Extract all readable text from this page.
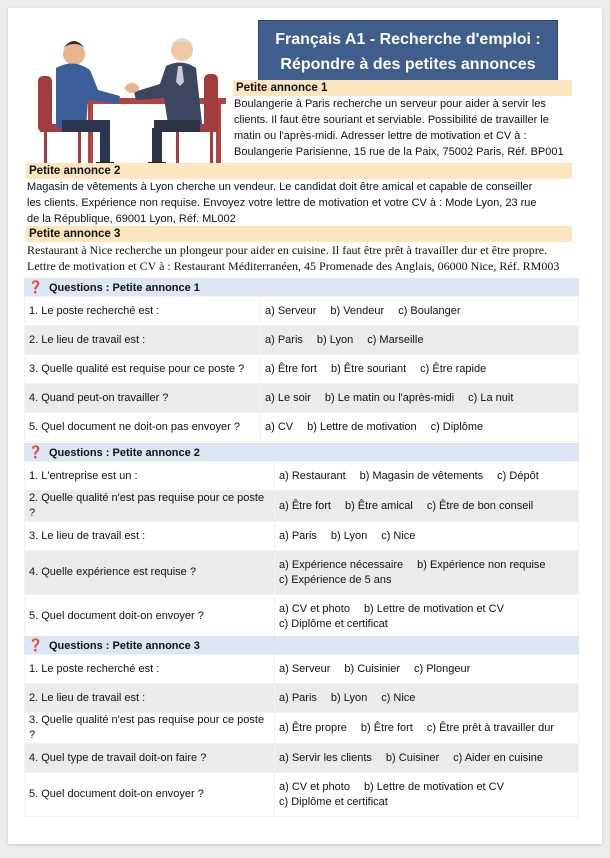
Français A1 - Recherche d'emploi :
Répondre à des petites annonces
Petite annonce 1
Boulangerie à Paris recherche un serveur pour aider à servir les
clients. Il faut être souriant et serviable. Possibilité de travailler le
matin ou l'après-midi. Adresser lettre de motivation et CV à :
Boulangerie Parisienne, 15 rue de la Paix, 75002 Paris, Réf. BP001
Petite annonce 2
Magasin de vêtements à Lyon cherche un vendeur. Le candidat doit être amical et capable de conseiller
les clients. Expérience non requise. Envoyez votre lettre de motivation et votre CV à : Mode Lyon, 23 rue
de la République, 69001 Lyon, Réf. ML002
Petite annonce 3
Restaurant à Nice recherche un plongeur pour aider en cuisine. Il faut être prêt à travailler dur et être propre.
Lettre de motivation et CV à : Restaurant Méditerranéen, 45 Promenade des Anglais, 06000 Nice, Réf. RM003
❓ Questions : Petite annonce 1
1. Le poste recherché est :	a) Serveur b) Vendeur c) Boulanger

2. Le lieu de travail est :	a) Paris b) Lyon c) Marseille

3. Quelle qualité est requise pour ce poste ?	a) Être fort b) Être souriant c) Être rapide

4. Quand peut-on travailler ?	a) Le soir b) Le matin ou l'après-midi c) La nuit

5. Quel document ne doit-on pas envoyer ?	a) CV b) Lettre de motivation c) Diplôme
❓ Questions : Petite annonce 2
1. L'entreprise est un :	a) Restaurant b) Magasin de vêtements c) Dépôt

2. Quelle qualité n'est pas requise pour ce poste ?	a) Être fort b) Être amical c) Être de bon conseil

3. Le lieu de travail est :	a) Paris b) Lyon c) Nice

4. Quelle expérience est requise ?	a) Expérience nécessaire b) Expérience non requise
c) Expérience de 5 ans

5. Quel document doit-on envoyer ?	a) CV et photo b) Lettre de motivation et CV
c) Diplôme et certificat
❓ Questions : Petite annonce 3
1. Le poste recherché est :	a) Serveur b) Cuisinier c) Plongeur

2. Le lieu de travail est :	a) Paris b) Lyon c) Nice

3. Quelle qualité n'est pas requise pour ce poste ?	a) Être propre b) Être fort c) Être prêt à travailler dur

4. Quel type de travail doit-on faire ?	a) Servir les clients b) Cuisiner c) Aider en cuisine

5. Quel document doit-on envoyer ?	a) CV et photo b) Lettre de motivation et CV
c) Diplôme et certificat
